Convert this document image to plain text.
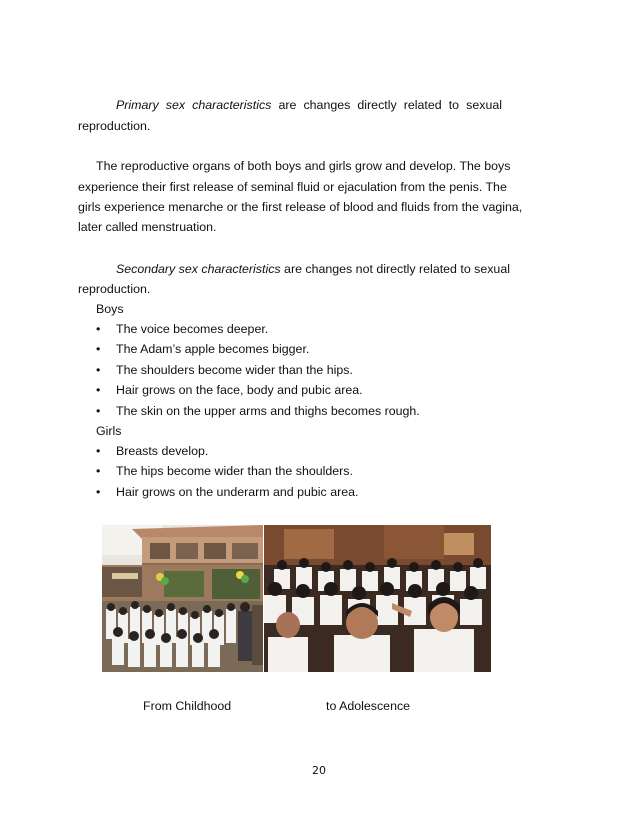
Primary sex characteristics are changes directly related to sexual
reproduction.
The reproductive organs of both boys and girls grow and develop. The boys
experience their first release of seminal fluid or ejaculation from the penis. The
girls experience menarche or the first release of blood and fluids from the vagina,
later called menstruation.
Secondary sex characteristics are changes not directly related to sexual
reproduction.
Boys
• The voice becomes deeper.
• The Adam’s apple becomes bigger.
• The shoulders become wider than the hips.
• Hair grows on the face, body and pubic area.
• The skin on the upper arms and thighs becomes rough.
Girls
• Breasts develop.
• The hips become wider than the shoulders.
• Hair grows on the underarm and pubic area.
From Childhood	to Adolescence
20
